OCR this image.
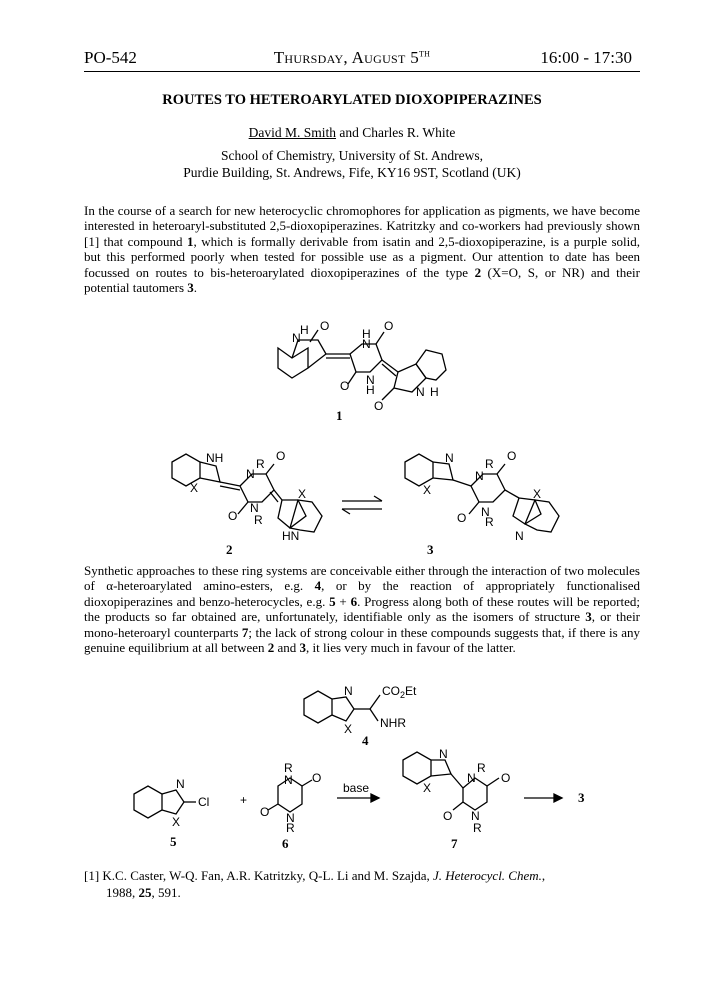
PO-542	Thursday, August 5TH	16:00 - 17:30
ROUTES TO HETEROARYLATED DIOXOPIPERAZINES
David M. Smith and Charles R. White
School of Chemistry, University of St. Andrews,
Purdie Building, St. Andrews, Fife, KY16 9ST, Scotland (UK)
In the course of a search for new heterocyclic chromophores for application as pigments, we have become interested in heteroaryl-substituted 2,5-dioxopiperazines. Katritzky and co-workers had previously shown [1] that compound 1, which is formally derivable from isatin and 2,5-dioxopiperazine, is a purple solid, but this performed poorly when tested for possible use as a pigment. Our attention to date has been focussed on routes to bis-heteroarylated dioxopiperazines of the type 2 (X=O, S, or NR) and their potential tautomers 3.
H
N
O
H
N
O
O N
H	N H
O
1
NH
X
R
N
O
O
N
R
X
HN
2
N
X
R
N
O
O N
R
X
N
3
Synthetic approaches to these ring systems are conceivable either through the interaction of two molecules of α-heteroarylated amino-esters, e.g. 4, or by the reaction of appropriately functionalised dioxopiperazines and benzo-heterocycles, e.g. 5 + 6. Progress along both of these routes will be reported; the products so far obtained are, unfortunately, identifiable only as the isomers of structure 3, or their mono-heteroaryl counterparts 7; the lack of strong colour in these compounds suggests that, if there is any genuine equilibrium at all between 2 and 3, it lies very much in favour of the latter.
N
X
$CO_2Et$
NHR
4
N
X
Cl
5
+
R
N O
O N
R
6
base
N
X
R
N O
O N
R
7
3
[1] K.C. Caster, W-Q. Fan, A.R. Katritzky, Q-L. Li and M. Szajda, J. Heterocycl. Chem.,
1988, 25, 591.
